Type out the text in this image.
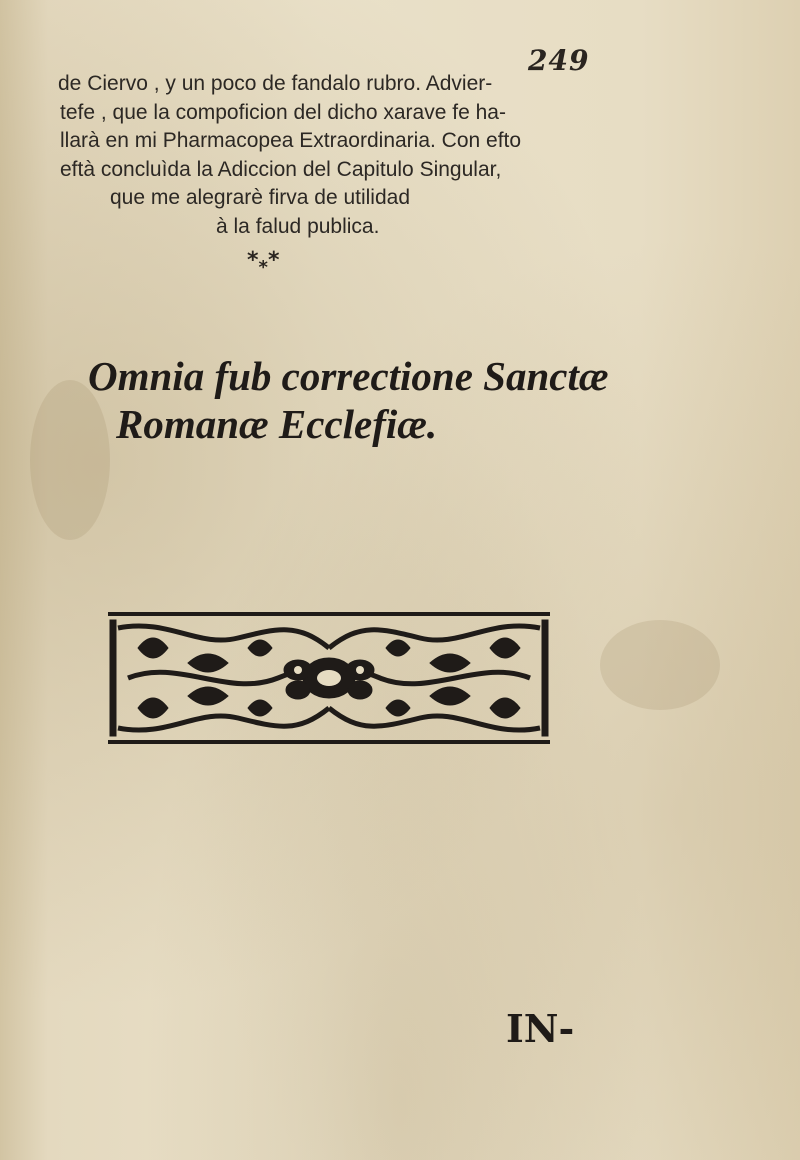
249
de Ciervo , y un poco de fandalo rubro. Advier-
tefe , que la compoficion del dicho xarave fe ha-
llarà en mi Pharmacopea Extraordinaria. Con efto
eftà concluìda la Adiccion del Capitulo Singular,
que me alegrarè firva de utilidad
à la falud publica.
$*_**$
Omnia fub correctione Sanctæ
Romanæ Ecclefiæ.
IN-
